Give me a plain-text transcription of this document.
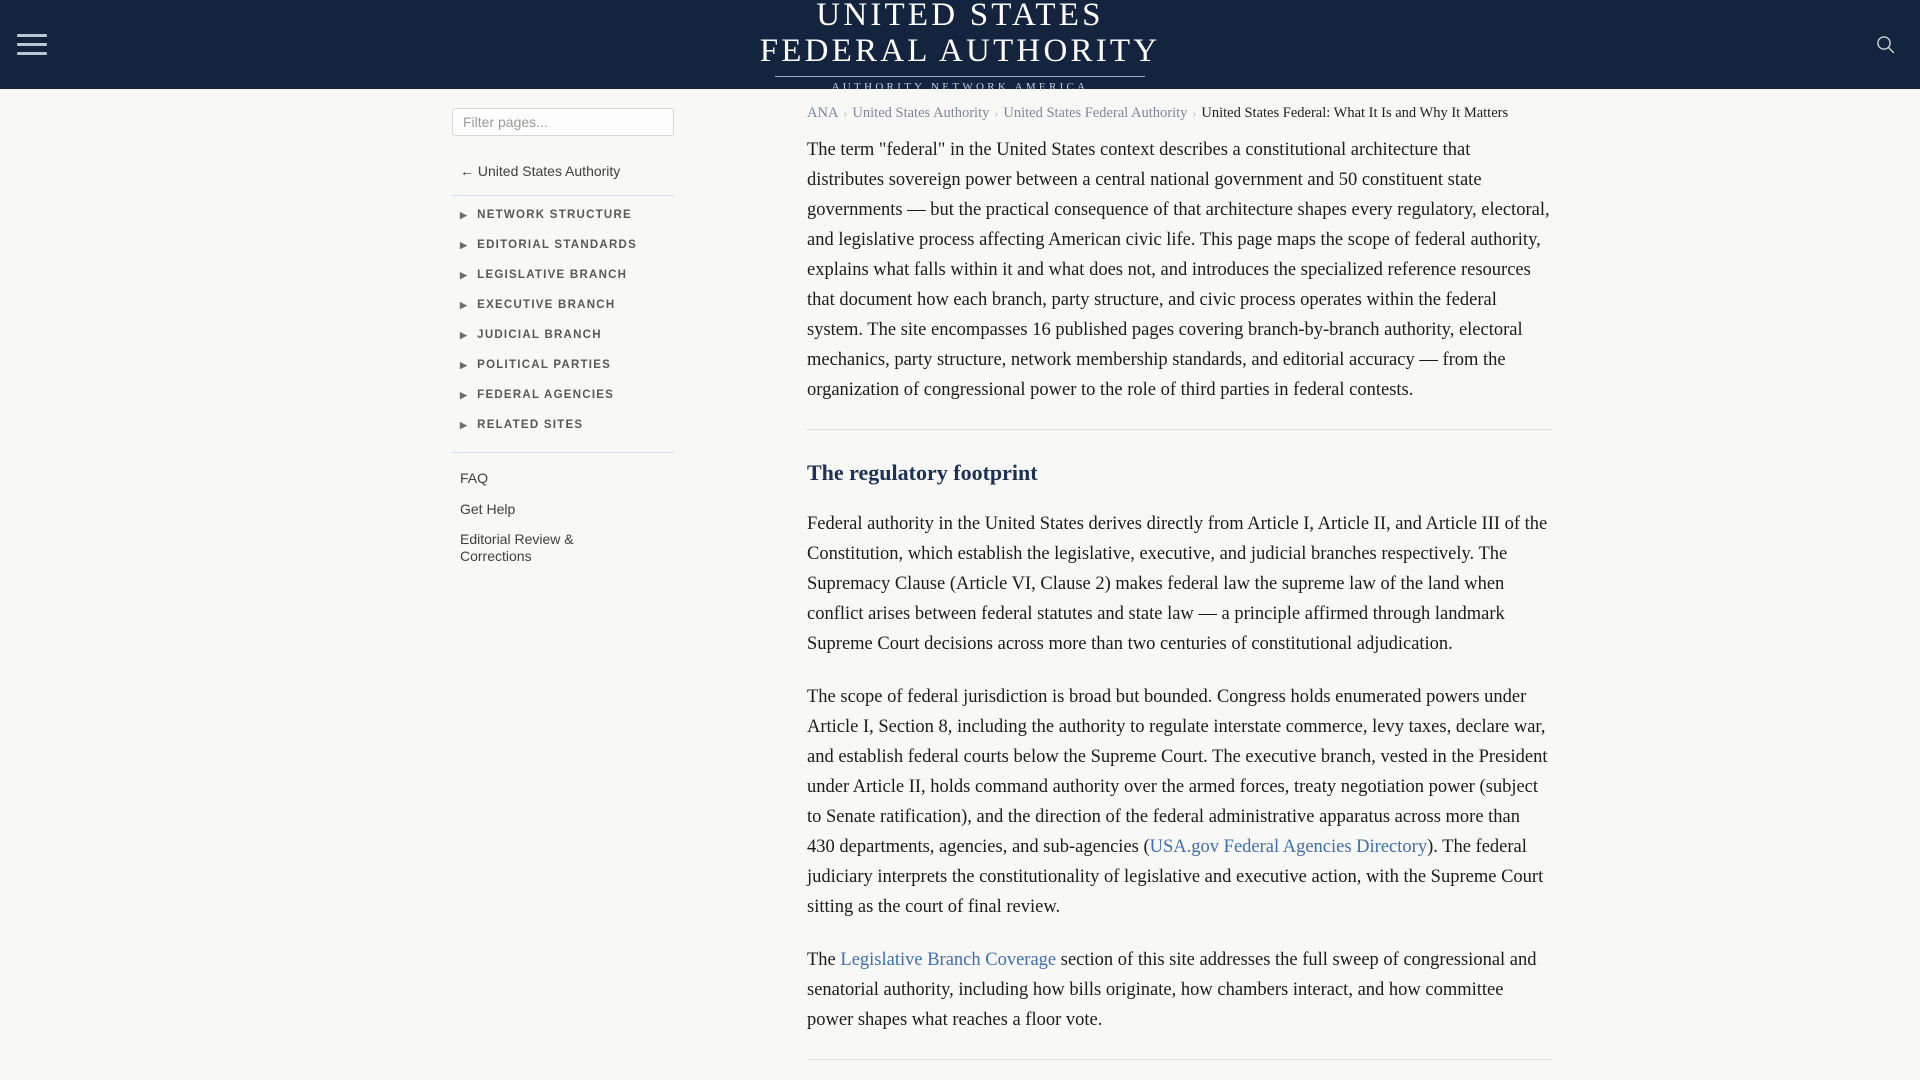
UNITED STATES
FEDERAL AUTHORITY
AUTHORITY NETWORK AMERICA
Filter pages...
← United States Authority
▶ NETWORK STRUCTURE
▶ EDITORIAL STANDARDS
▶ LEGISLATIVE BRANCH
▶ EXECUTIVE BRANCH
▶ JUDICIAL BRANCH
▶ POLITICAL PARTIES
▶ FEDERAL AGENCIES
▶ RELATED SITES
FAQ
Get Help
Editorial Review & Corrections
ANA › United States Authority › United States Federal Authority › United States Federal: What It Is and Why It Matters

The term "federal" in the United States context describes a constitutional architecture that distributes sovereign power between a central national government and 50 constituent state governments — but the practical consequence of that architecture shapes every regulatory, electoral, and legislative process affecting American civic life. This page maps the scope of federal authority, explains what falls within it and what does not, and introduces the specialized reference resources that document how each branch, party structure, and civic process operates within the federal system. The site encompasses 16 published pages covering branch-by-branch authority, electoral mechanics, party structure, network membership standards, and editorial accuracy — from the organization of congressional power to the role of third parties in federal contests.

The regulatory footprint

Federal authority in the United States derives directly from Article I, Article II, and Article III of the Constitution, which establish the legislative, executive, and judicial branches respectively. The Supremacy Clause (Article VI, Clause 2) makes federal law the supreme law of the land when conflict arises between federal statutes and state law — a principle affirmed through landmark Supreme Court decisions across more than two centuries of constitutional adjudication.

The scope of federal jurisdiction is broad but bounded. Congress holds enumerated powers under Article I, Section 8, including the authority to regulate interstate commerce, levy taxes, declare war, and establish federal courts below the Supreme Court. The executive branch, vested in the President under Article II, holds command authority over the armed forces, treaty negotiation power (subject to Senate ratification), and the direction of the federal administrative apparatus across more than 430 departments, agencies, and sub-agencies (USA.gov Federal Agencies Directory). The federal judiciary interprets the constitutionality of legislative and executive action, with the Supreme Court sitting as the court of final review.

The Legislative Branch Coverage section of this site addresses the full sweep of congressional and senatorial authority, including how bills originate, how chambers interact, and how committee power shapes what reaches a floor vote.
